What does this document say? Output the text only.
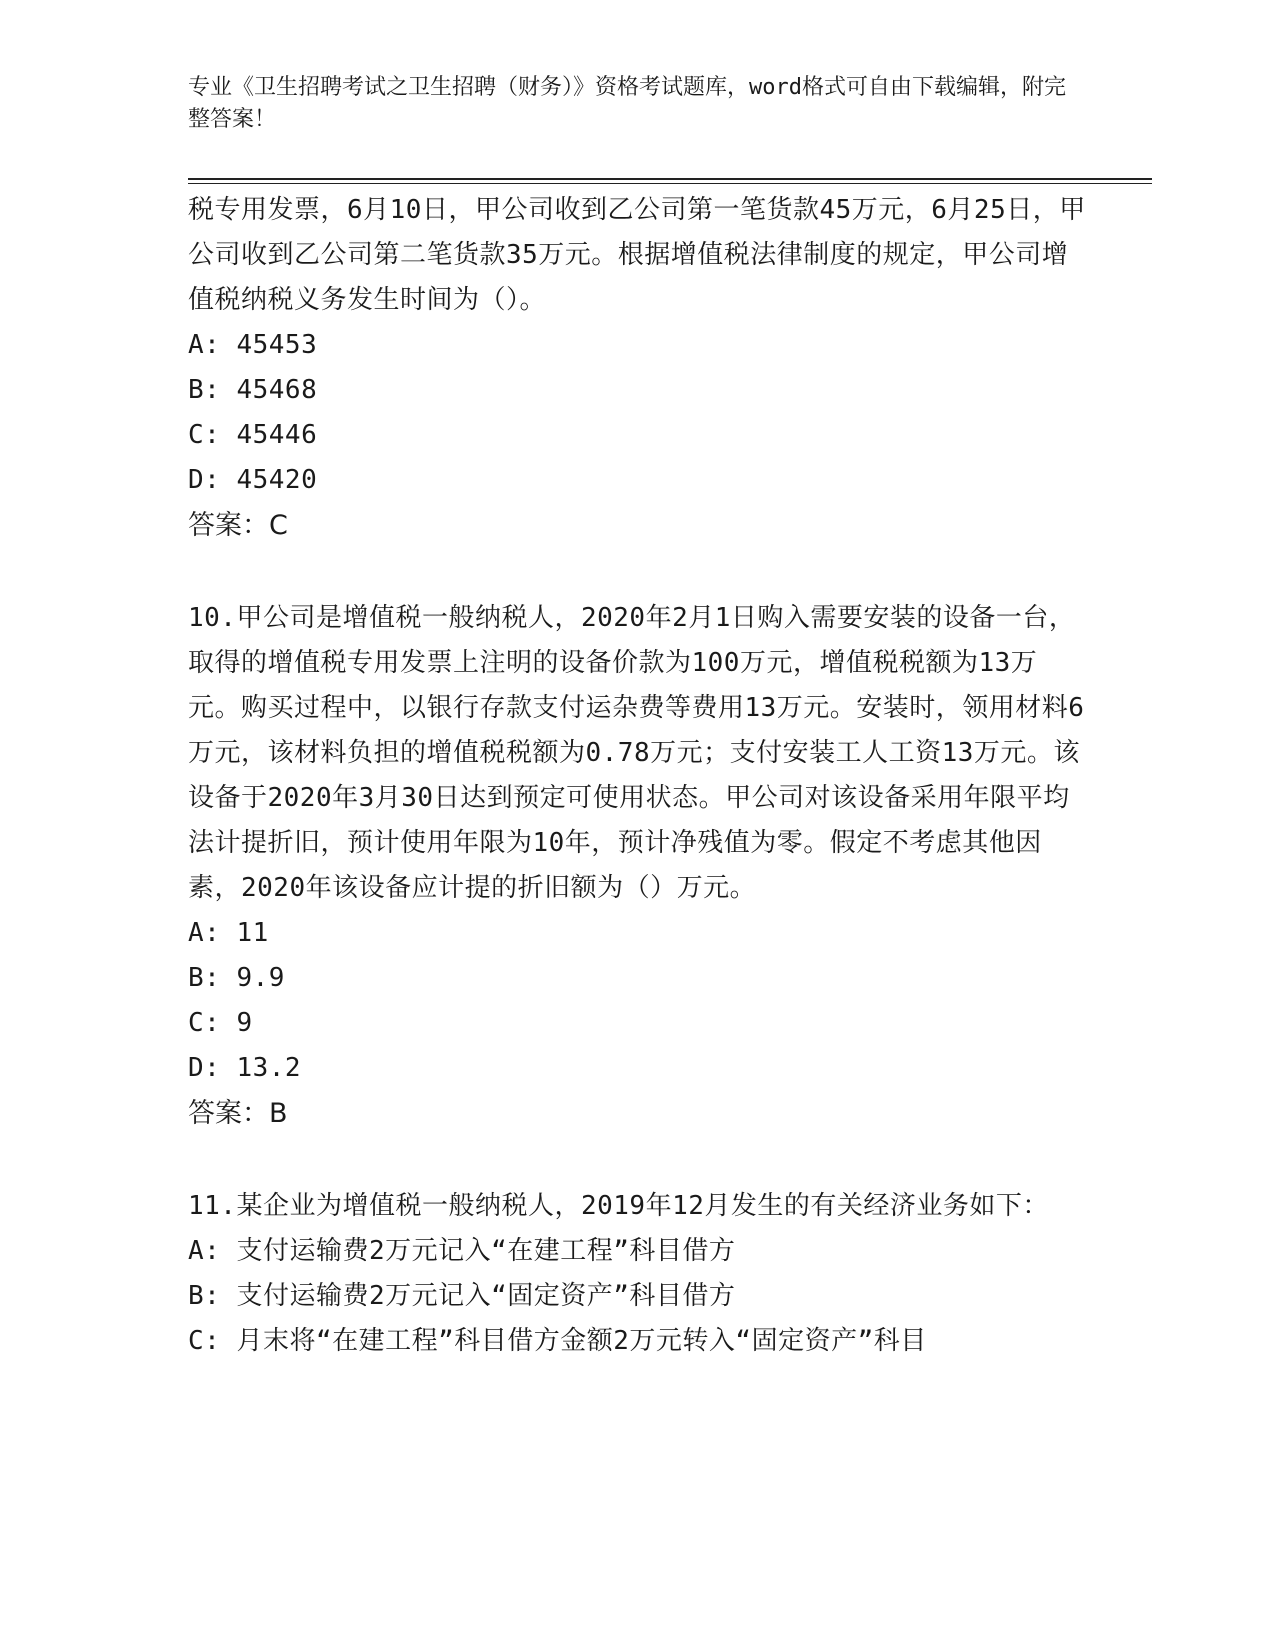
专业《卫生招聘考试之卫生招聘（财务）》资格考试题库，word格式可自由下载编辑，附完整答案！

税专用发票，6月10日，甲公司收到乙公司第一笔货款45万元，6月25日，甲公司收到乙公司第二笔货款35万元。根据增值税法律制度的规定，甲公司增值税纳税义务发生时间为（）。

A: 45453

B: 45468

C: 45446

D: 45420

答案：C

10.甲公司是增值税一般纳税人，2020年2月1日购入需要安装的设备一台，取得的增值税专用发票上注明的设备价款为100万元，增值税税额为13万元。购买过程中，以银行存款支付运杂费等费用13万元。安装时，领用材料6万元，该材料负担的增值税税额为0.78万元；支付安装工人工资13万元。该设备于2020年3月30日达到预定可使用状态。甲公司对该设备采用年限平均法计提折旧，预计使用年限为10年，预计净残值为零。假定不考虑其他因素，2020年该设备应计提的折旧额为（）万元。

A: 11

B: 9.9

C: 9

D: 13.2

答案：B

11.某企业为增值税一般纳税人，2019年12月发生的有关经济业务如下：

A: 支付运输费2万元记入“在建工程”科目借方

B: 支付运输费2万元记入“固定资产”科目借方

C: 月末将“在建工程”科目借方金额2万元转入“固定资产”科目
